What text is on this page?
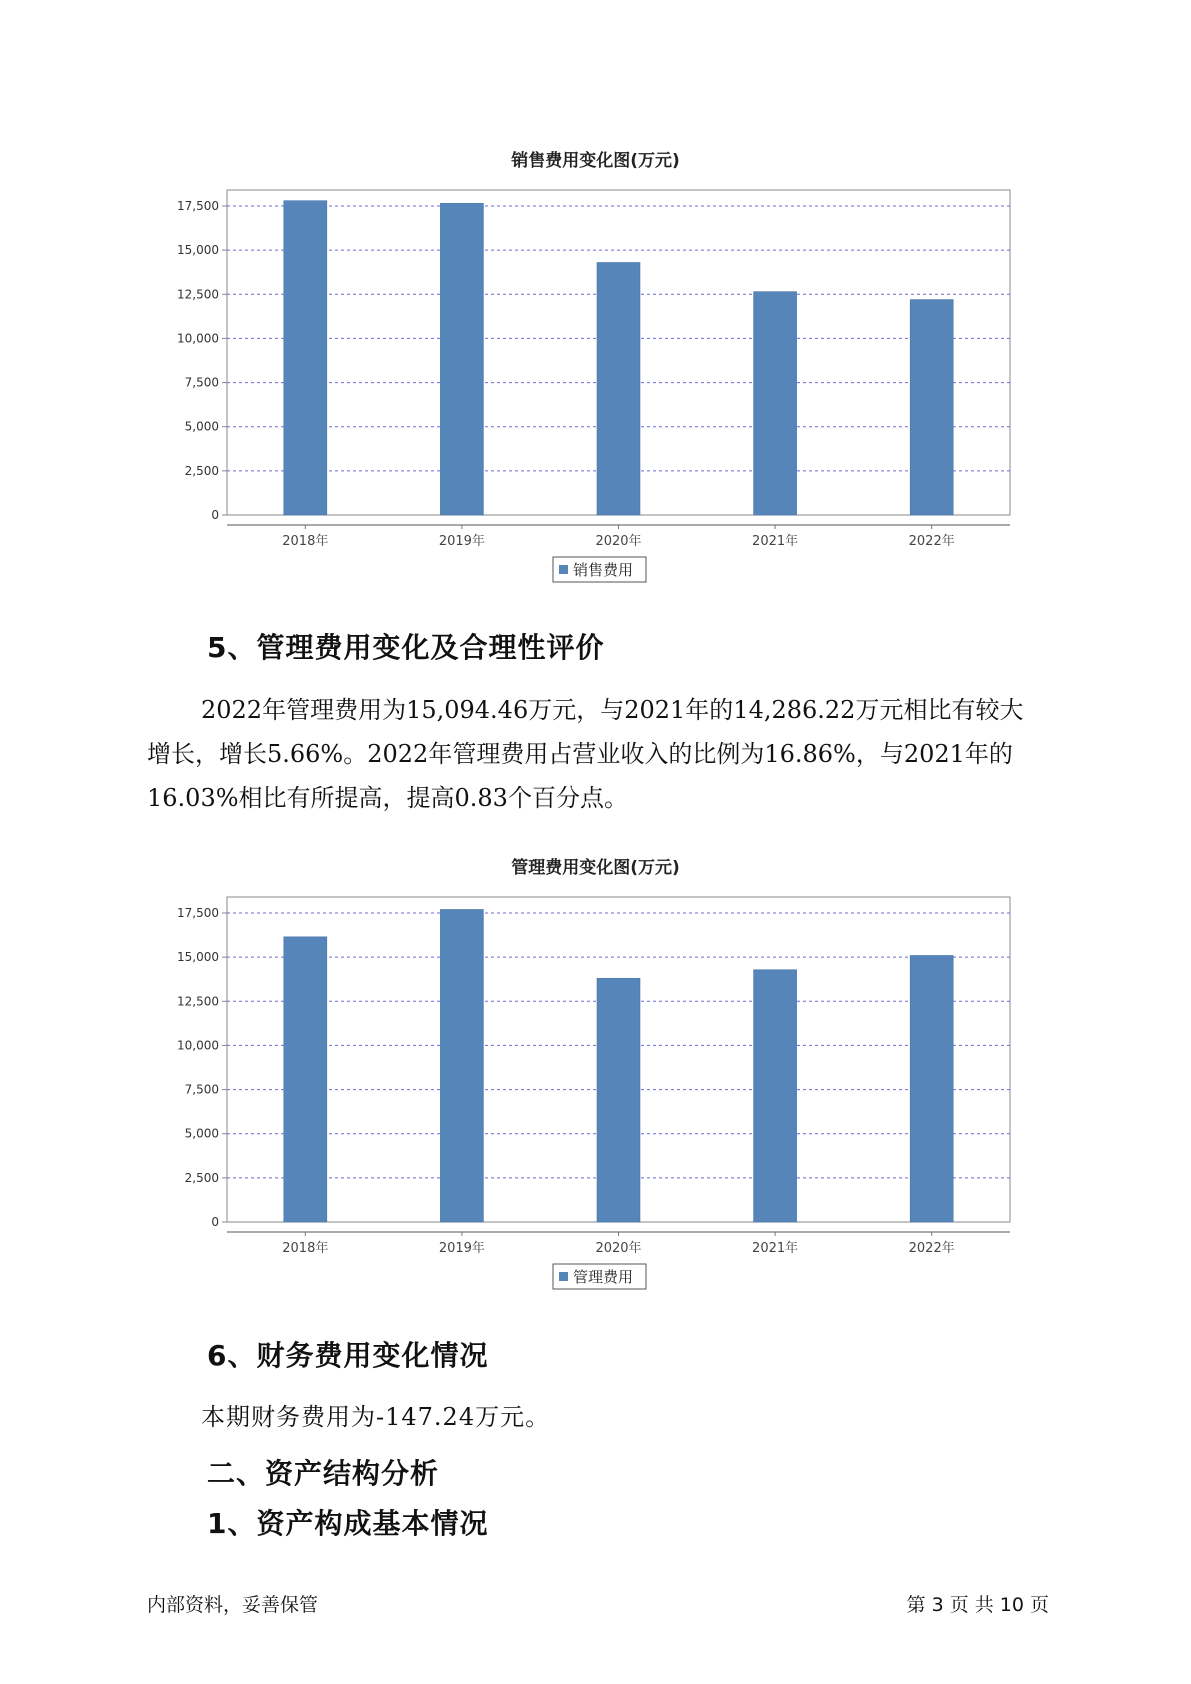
销售费用变化图(万元)
0
2,500
5,000
7,500
10,000
12,500
15,000
17,500
2018年	2019年	2020年	2021年	2022年
销售费用
5、管理费用变化及合理性评价

2022年管理费用为15,094.46万元，与2021年的14,286.22万元相比有较大增长，增长5.66%。2022年管理费用占营业收入的比例为16.86%，与2021年的16.03%相比有所提高，提高0.83个百分点。

管理费用变化图(万元)
0
2,500
5,000
7,500
10,000
12,500
15,000
17,500
2018年	2019年	2020年	2021年	2022年
管理费用
6、财务费用变化情况
本期财务费用为-147.24万元。
二、资产结构分析
1、资产构成基本情况
内部资料，妥善保管	第 3 页 共 10 页
